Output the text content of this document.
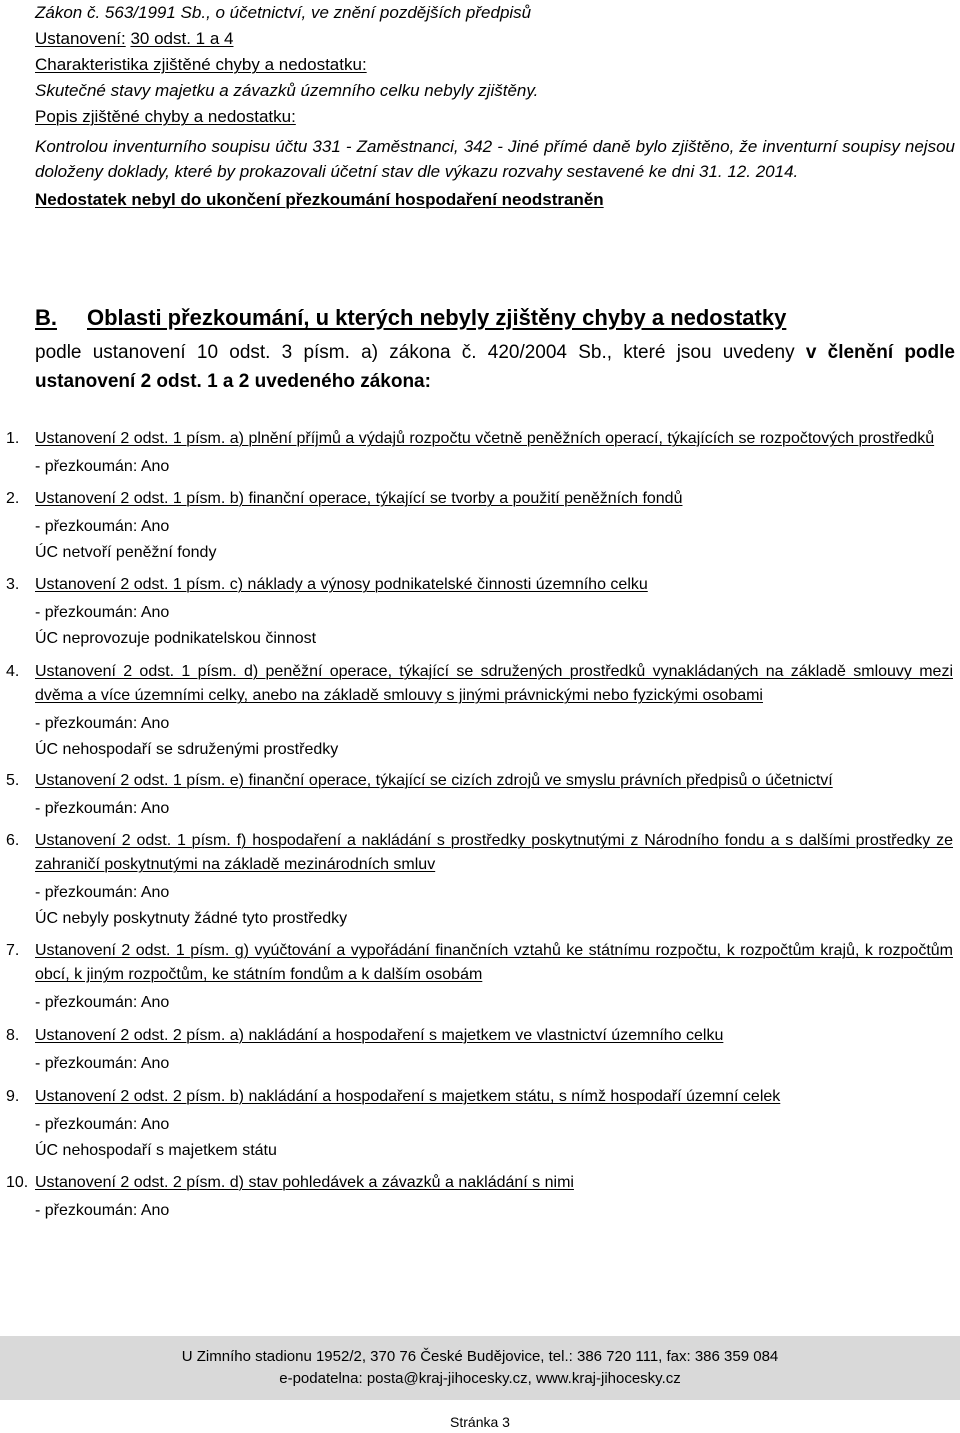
Zákon č. 563/1991 Sb., o účetnictví, ve znění pozdějších předpisů
Ustanovení: 30 odst. 1 a 4
Charakteristika zjištěné chyby a nedostatku:
Skutečné stavy majetku a závazků územního celku nebyly zjištěny.
Popis zjištěné chyby a nedostatku:
Kontrolou inventurního soupisu účtu 331 - Zaměstnanci, 342 - Jiné přímé daně bylo zjištěno, že inventurní soupisy nejsou doloženy doklady, které by prokazovali účetní stav dle výkazu rozvahy sestavené ke dni 31. 12. 2014.
Nedostatek nebyl do ukončení přezkoumání hospodaření neodstraněn
B.	Oblasti přezkoumání, u kterých nebyly zjištěny chyby a nedostatky
podle ustanovení 10 odst. 3 písm. a) zákona č. 420/2004 Sb., které jsou uvedeny v členění podle ustanovení 2 odst. 1 a 2 uvedeného zákona:
1. Ustanovení 2 odst. 1 písm. a) plnění příjmů a výdajů rozpočtu včetně peněžních operací, týkajících se rozpočtových prostředků
- přezkoumán: Ano
2. Ustanovení 2 odst. 1 písm. b) finanční operace, týkající se tvorby a použití peněžních fondů
- přezkoumán: Ano
ÚC netvoří peněžní fondy
3. Ustanovení 2 odst. 1 písm. c) náklady a výnosy podnikatelské činnosti územního celku
- přezkoumán: Ano
ÚC neprovozuje podnikatelskou činnost
4. Ustanovení 2 odst. 1 písm. d) peněžní operace, týkající se sdružených prostředků vynakládaných na základě smlouvy mezi dvěma a více územními celky, anebo na základě smlouvy s jinými právnickými nebo fyzickými osobami
- přezkoumán: Ano
ÚC nehospodaří se sdruženými prostředky
5. Ustanovení 2 odst. 1 písm. e) finanční operace, týkající se cizích zdrojů ve smyslu právních předpisů o účetnictví
- přezkoumán: Ano
6. Ustanovení 2 odst. 1 písm. f) hospodaření a nakládání s prostředky poskytnutými z Národního fondu a s dalšími prostředky ze zahraničí poskytnutými na základě mezinárodních smluv
- přezkoumán: Ano
ÚC nebyly poskytnuty žádné tyto prostředky
7. Ustanovení 2 odst. 1 písm. g) vyúčtování a vypořádání finančních vztahů ke státnímu rozpočtu, k rozpočtům krajů, k rozpočtům obcí, k jiným rozpočtům, ke státním fondům a k dalším osobám
- přezkoumán: Ano
8. Ustanovení 2 odst. 2 písm. a) nakládání a hospodaření s majetkem ve vlastnictví územního celku
- přezkoumán: Ano
9. Ustanovení 2 odst. 2 písm. b) nakládání a hospodaření s majetkem státu, s nímž hospodaří územní celek
- přezkoumán: Ano
ÚC nehospodaří s majetkem státu
10. Ustanovení 2 odst. 2 písm. d) stav pohledávek a závazků a nakládání s nimi
- přezkoumán: Ano
U Zimního stadionu 1952/2, 370 76 České Budějovice, tel.: 386 720 111, fax: 386 359 084
e-podatelna: posta@kraj-jihocesky.cz, www.kraj-jihocesky.cz
Stránka 3
